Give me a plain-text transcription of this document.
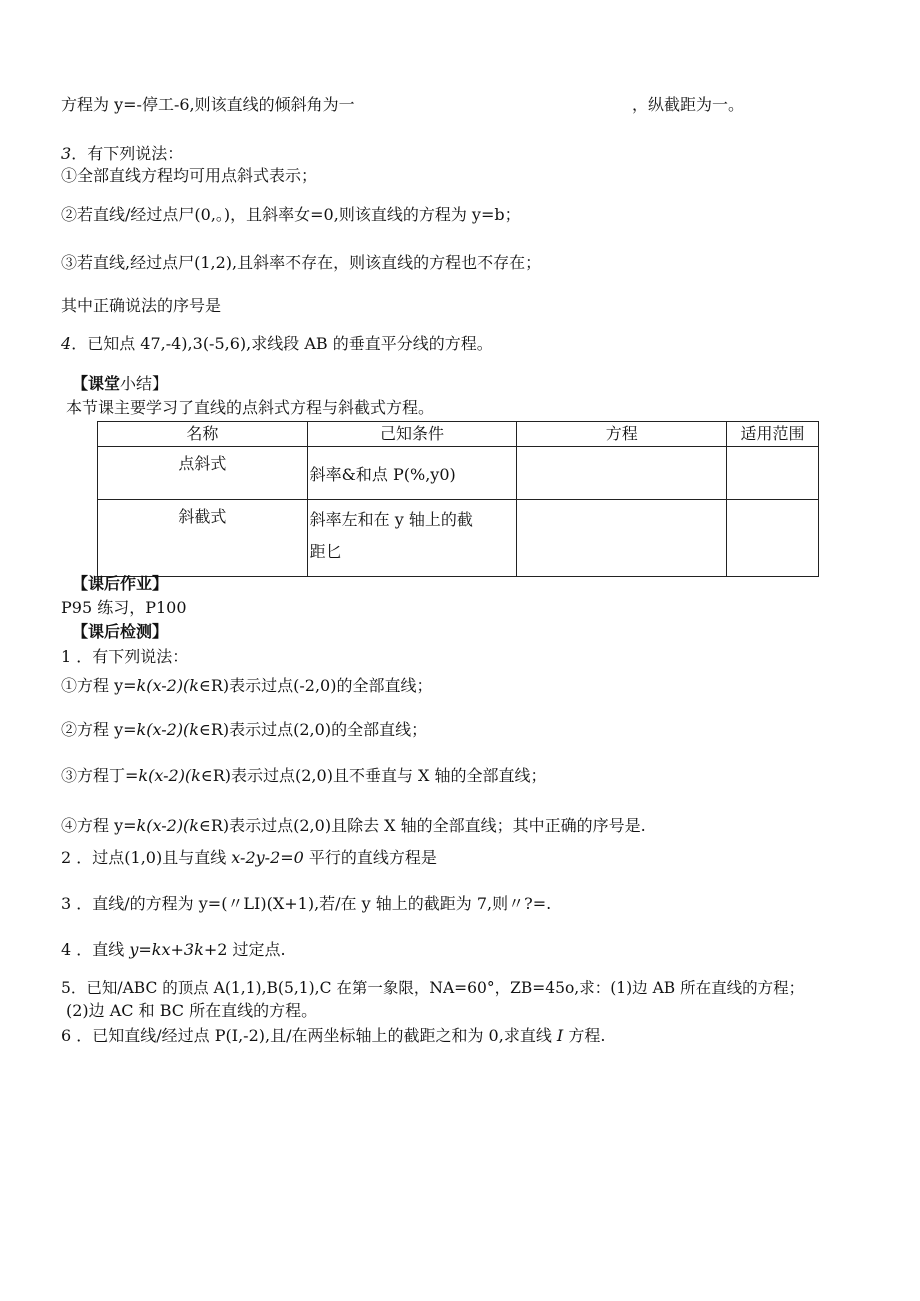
方程为 y=-停工-6,则该直线的倾斜角为一	，纵截距为一。
3．有下列说法：
①全部直线方程均可用点斜式表示；
②若直线/经过点尸(0,。)，且斜率女=0,则该直线的方程为 y=b；
③若直线,经过点尸(1,2),且斜率不存在，则该直线的方程也不存在；
其中正确说法的序号是
4．已知点 47,-4),3(-5,6),求线段 AB 的垂直平分线的方程。
【课堂小结】
本节课主要学习了直线的点斜式方程与斜截式方程。
名称	己知条件	方程	适用范围
点斜式	斜率&和点 P(%,y0)		
斜截式	斜率左和在 y 轴上的截
距匕		

【课后作业】
P95 练习，P100
【课后检测】
1 ．有下列说法：
①方程 y=k(x-2)(k∈R)表示过点(-2,0)的全部直线；
②方程 y=k(x-2)(k∈R)表示过点(2,0)的全部直线；
③方程丁=k(x-2)(k∈R)表示过点(2,0)且不垂直与 X 轴的全部直线；
④方程 y=k(x-2)(k∈R)表示过点(2,0)且除去 X 轴的全部直线；其中正确的序号是.
2 ．过点(1,0)且与直线 x-2y-2=0 平行的直线方程是
3 ．直线/的方程为 y=(〃LI)(X+1),若/在 y 轴上的截距为 7,则〃?=.
4 ．直线 y=kx+3k+2 过定点.
5．已知/ABC 的顶点 A(1,1),B(5,1),C 在第一象限，NA=60°，ZB=45o,求：(1)边 AB 所在直线的方程；
(2)边 AC 和 BC 所在直线的方程。
6 ．已知直线/经过点 P(I,-2),且/在两坐标轴上的截距之和为 0,求直线 I 方程.
